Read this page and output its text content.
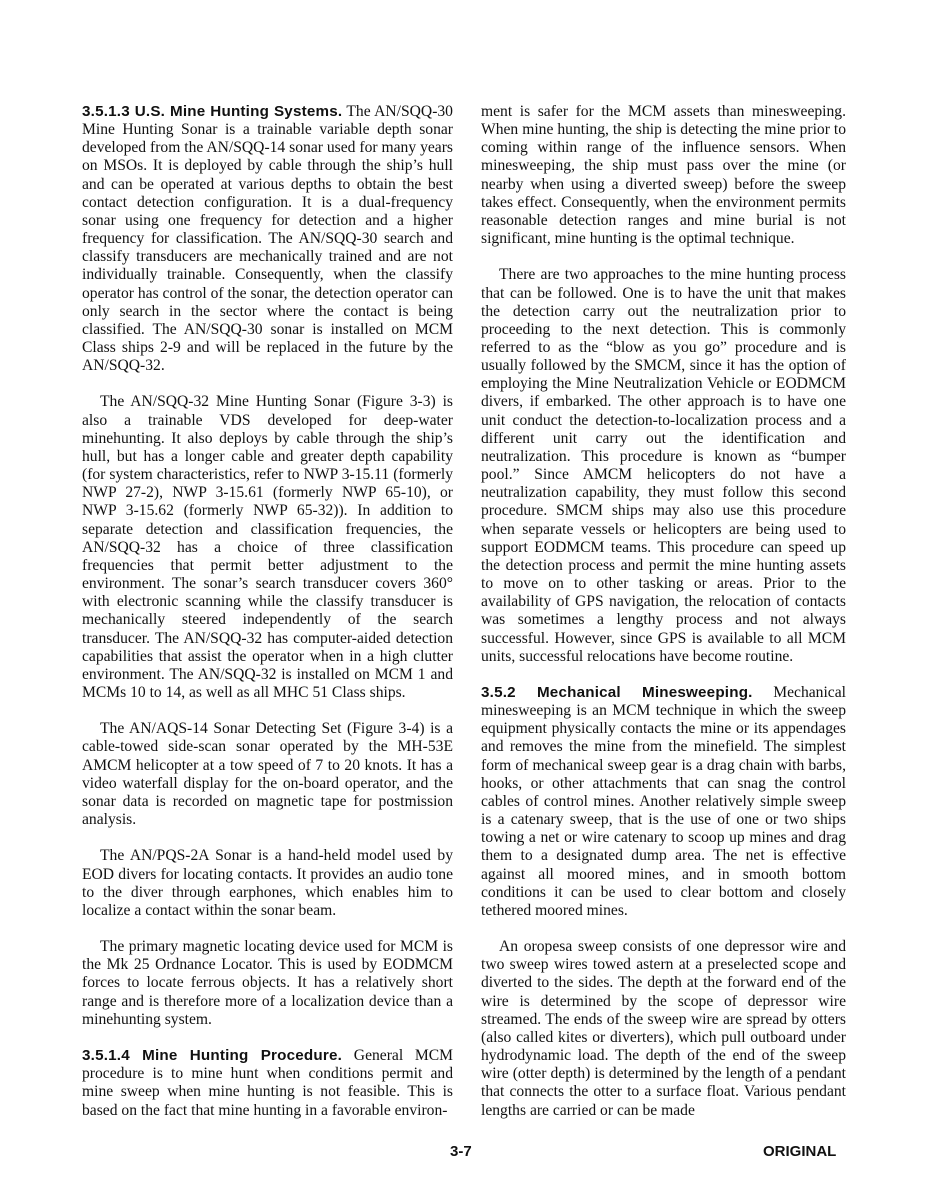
3.5.1.3 U.S. Mine Hunting Systems. The AN/SQQ-30 Mine Hunting Sonar is a trainable variable depth sonar developed from the AN/SQQ-14 sonar used for many years on MSOs. It is deployed by cable through the ship’s hull and can be operated at various depths to obtain the best contact detection configuration. It is a dual-frequency sonar using one frequency for detection and a higher frequency for classification. The AN/SQQ-30 search and classify transducers are mechanically trained and are not individually trainable. Consequently, when the classify operator has control of the sonar, the detection operator can only search in the sector where the contact is being classified. The AN/SQQ-30 sonar is installed on MCM Class ships 2-9 and will be replaced in the future by the AN/SQQ-32.

The AN/SQQ-32 Mine Hunting Sonar (Figure 3-3) is also a trainable VDS developed for deep-water minehunting. It also deploys by cable through the ship’s hull, but has a longer cable and greater depth capability (for system characteristics, refer to NWP 3-15.11 (formerly NWP 27-2), NWP 3-15.61 (formerly NWP 65-10), or NWP 3-15.62 (formerly NWP 65-32)). In addition to separate detection and classification frequencies, the AN/SQQ-32 has a choice of three classification frequencies that permit better adjustment to the environment. The sonar’s search transducer covers 360° with electronic scanning while the classify transducer is mechanically steered independently of the search transducer. The AN/SQQ-32 has computer-aided detection capabilities that assist the operator when in a high clutter environment. The AN/SQQ-32 is installed on MCM 1 and MCMs 10 to 14, as well as all MHC 51 Class ships.

The AN/AQS-14 Sonar Detecting Set (Figure 3-4) is a cable-towed side-scan sonar operated by the MH-53E AMCM helicopter at a tow speed of 7 to 20 knots. It has a video waterfall display for the on-board operator, and the sonar data is recorded on magnetic tape for postmission analysis.

The AN/PQS-2A Sonar is a hand-held model used by EOD divers for locating contacts. It provides an audio tone to the diver through earphones, which enables him to localize a contact within the sonar beam.

The primary magnetic locating device used for MCM is the Mk 25 Ordnance Locator. This is used by EODMCM forces to locate ferrous objects. It has a relatively short range and is therefore more of a localization device than a minehunting system.

3.5.1.4 Mine Hunting Procedure. General MCM procedure is to mine hunt when conditions permit and mine sweep when mine hunting is not feasible. This is based on the fact that mine hunting in a favorable environ-

ment is safer for the MCM assets than minesweeping. When mine hunting, the ship is detecting the mine prior to coming within range of the influence sensors. When minesweeping, the ship must pass over the mine (or nearby when using a diverted sweep) before the sweep takes effect. Consequently, when the environment permits reasonable detection ranges and mine burial is not significant, mine hunting is the optimal technique.

There are two approaches to the mine hunting process that can be followed. One is to have the unit that makes the detection carry out the neutralization prior to proceeding to the next detection. This is commonly referred to as the “blow as you go” procedure and is usually followed by the SMCM, since it has the option of employing the Mine Neutralization Vehicle or EODMCM divers, if embarked. The other approach is to have one unit conduct the detection-to-localization process and a different unit carry out the identification and neutralization. This procedure is known as “bumper pool.” Since AMCM helicopters do not have a neutralization capability, they must follow this second procedure. SMCM ships may also use this procedure when separate vessels or helicopters are being used to support EODMCM teams. This procedure can speed up the detection process and permit the mine hunting assets to move on to other tasking or areas. Prior to the availability of GPS navigation, the relocation of contacts was sometimes a lengthy process and not always successful. However, since GPS is available to all MCM units, successful relocations have become routine.

3.5.2 Mechanical Minesweeping. Mechanical minesweeping is an MCM technique in which the sweep equipment physically contacts the mine or its appendages and removes the mine from the minefield. The simplest form of mechanical sweep gear is a drag chain with barbs, hooks, or other attachments that can snag the control cables of control mines. Another relatively simple sweep is a catenary sweep, that is the use of one or two ships towing a net or wire catenary to scoop up mines and drag them to a designated dump area. The net is effective against all moored mines, and in smooth bottom conditions it can be used to clear bottom and closely tethered moored mines.

An oropesa sweep consists of one depressor wire and two sweep wires towed astern at a preselected scope and diverted to the sides. The depth at the forward end of the wire is determined by the scope of depressor wire streamed. The ends of the sweep wire are spread by otters (also called kites or diverters), which pull outboard under hydrodynamic load. The depth of the end of the sweep wire (otter depth) is determined by the length of a pendant that connects the otter to a surface float. Various pendant lengths are carried or can be made

3-7	ORIGINAL
